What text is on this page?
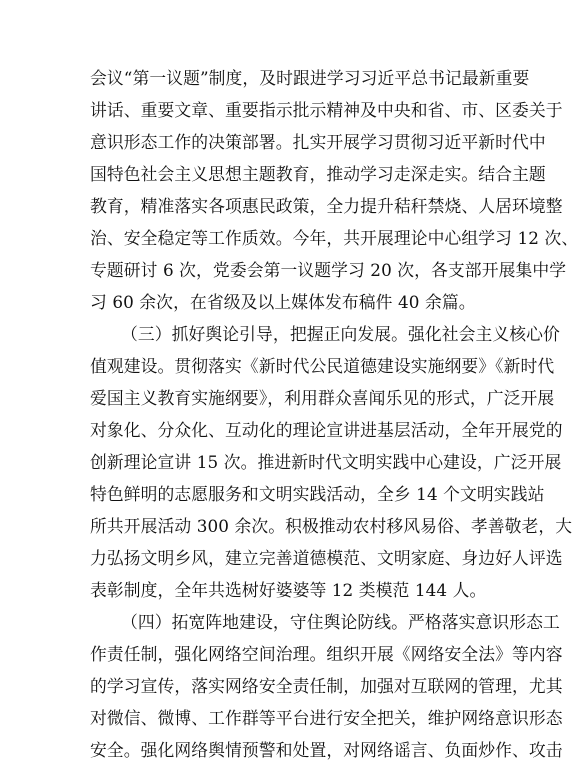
会议“第一议题”制度，及时跟进学习习近平总书记最新重要
讲话、重要文章、重要指示批示精神及中央和省、市、区委关于
意识形态工作的决策部署。扎实开展学习贯彻习近平新时代中
国特色社会主义思想主题教育，推动学习走深走实。结合主题
教育，精准落实各项惠民政策，全力提升秸秆禁烧、人居环境整
治、安全稳定等工作质效。今年，共开展理论中心组学习 12 次、
专题研讨 6 次，党委会第一议题学习 20 次，各支部开展集中学
习 60 余次，在省级及以上媒体发布稿件 40 余篇。
（三）抓好舆论引导，把握正向发展。强化社会主义核心价
值观建设。贯彻落实《新时代公民道德建设实施纲要》《新时代
爱国主义教育实施纲要》，利用群众喜闻乐见的形式，广泛开展
对象化、分众化、互动化的理论宣讲进基层活动，全年开展党的
创新理论宣讲 15 次。推进新时代文明实践中心建设，广泛开展
特色鲜明的志愿服务和文明实践活动，全乡 14 个文明实践站
所共开展活动 300 余次。积极推动农村移风易俗、孝善敬老，大
力弘扬文明乡风，建立完善道德模范、文明家庭、身边好人评选
表彰制度，全年共选树好婆婆等 12 类模范 144 人。
（四）拓宽阵地建设，守住舆论防线。严格落实意识形态工
作责任制，强化网络空间治理。组织开展《网络安全法》等内容
的学习宣传，落实网络安全责任制，加强对互联网的管理，尤其
对微信、微博、工作群等平台进行安全把关，维护网络意识形态
安全。强化网络舆情预警和处置，对网络谣言、负面炒作、攻击
